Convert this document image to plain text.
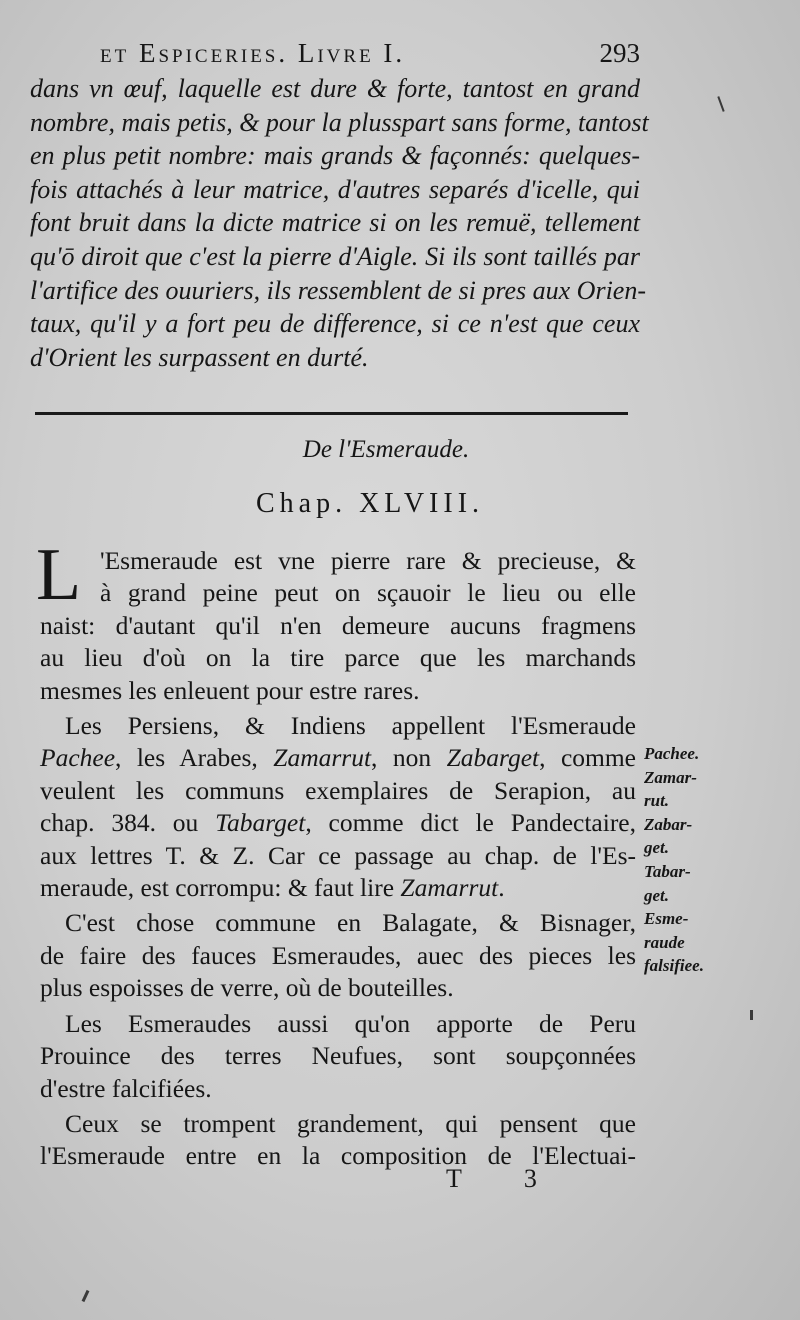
et Espiceries. Livre I.	293
dans vn œuf, laquelle est dure & forte, tantost en grand
nombre, mais petis, & pour la plusspart sans forme, tantost
en plus petit nombre: mais grands & façonnés: quelques-
fois attachés à leur matrice, d'autres separés d'icelle, qui
font bruit dans la dicte matrice si on les remuë, tellement
qu'ō diroit que c'est la pierre d'Aigle. Si ils sont taillés par
l'artifice des ouuriers, ils ressemblent de si pres aux Orien-
taux, qu'il y a fort peu de difference, si ce n'est que ceux
d'Orient les surpassent en durté.
De l'Esmeraude.
Chap. XLVIII.
L 'Esmeraude est vne pierre rare & precieuse, &
à grand peine peut on sçauoir le lieu ou elle
naist: d'autant qu'il n'en demeure aucuns fragmens
au lieu d'où on la tire parce que les marchands
mesmes les enleuent pour estre rares.
Les Persiens, & Indiens appellent l'Esmeraude
Pachee, les Arabes, Zamarrut, non Zabarget, comme
veulent les communs exemplaires de Serapion, au
chap. 384. ou Tabarget, comme dict le Pandectaire,
aux lettres T. & Z. Car ce passage au chap. de l'Es-
meraude, est corrompu: & faut lire Zamarrut.
C'est chose commune en Balagate, & Bisnager,
de faire des fauces Esmeraudes, auec des pieces les
plus espoisses de verre, où de bouteilles.
Les Esmeraudes aussi qu'on apporte de Peru
Prouince des terres Neufues, sont soupçonnées
d'estre falcifiées.
Ceux se trompent grandement, qui pensent que
l'Esmeraude entre en la composition de l'Electuai-
Pachee.
Zamar-
rut.
Zabar-
get.
Tabar-
get.
Esme-
raude
falsifiee.
T 3
